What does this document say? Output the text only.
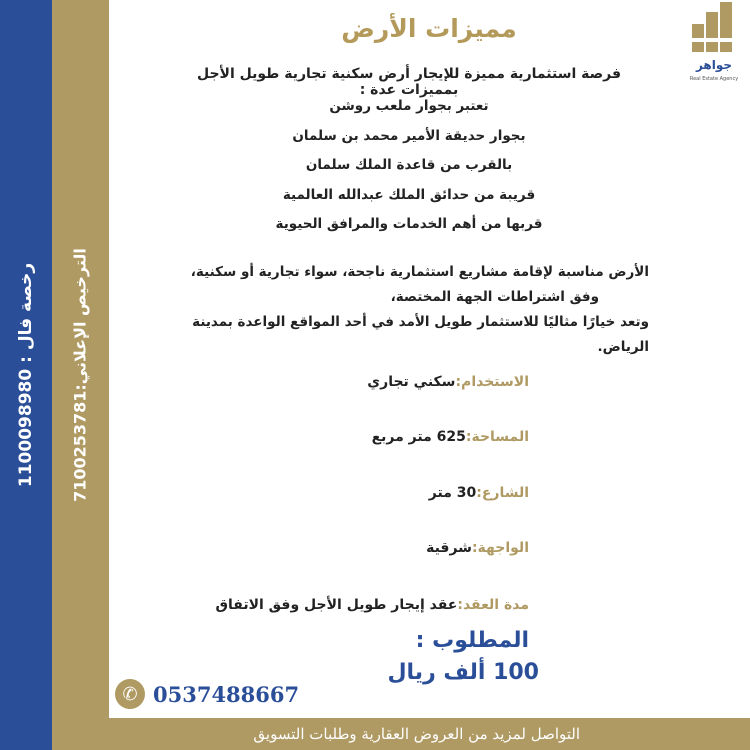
رخصة فال : 1100098980
الترخيص الإعلاني:7100253781
جواهر
Real Estate Agency
مميزات الأرض
فرصة استثمارية مميزة للإيجار أرض سكنية تجارية طويل الأجل بمميزات عدة :
تعتبر بجوار ملعب روشن
بجوار حديقة الأمير محمد بن سلمان
بالقرب من قاعدة الملك سلمان
قريبة من حدائق الملك عبدالله العالمية
قربها من أهم الخدمات والمرافق الحيوية
الأرض مناسبة لإقامة مشاريع استثمارية ناجحة، سواء تجارية أو سكنية،
وفق اشتراطات الجهة المختصة،
وتعد خيارًا مثاليًا للاستثمار طويل الأمد في أحد المواقع الواعدة بمدينة الرياض.
الاستخدام:سكني تجاري
المساحة:625 متر مربع
الشارع:30 متر
الواجهة:شرقية
مدة العقد:عقد إيجار طويل الأجل وفق الاتفاق
المطلوب :
100 ألف ريال
✆ 0537488667
التواصل لمزيد من العروض العقارية وطلبات التسويق
